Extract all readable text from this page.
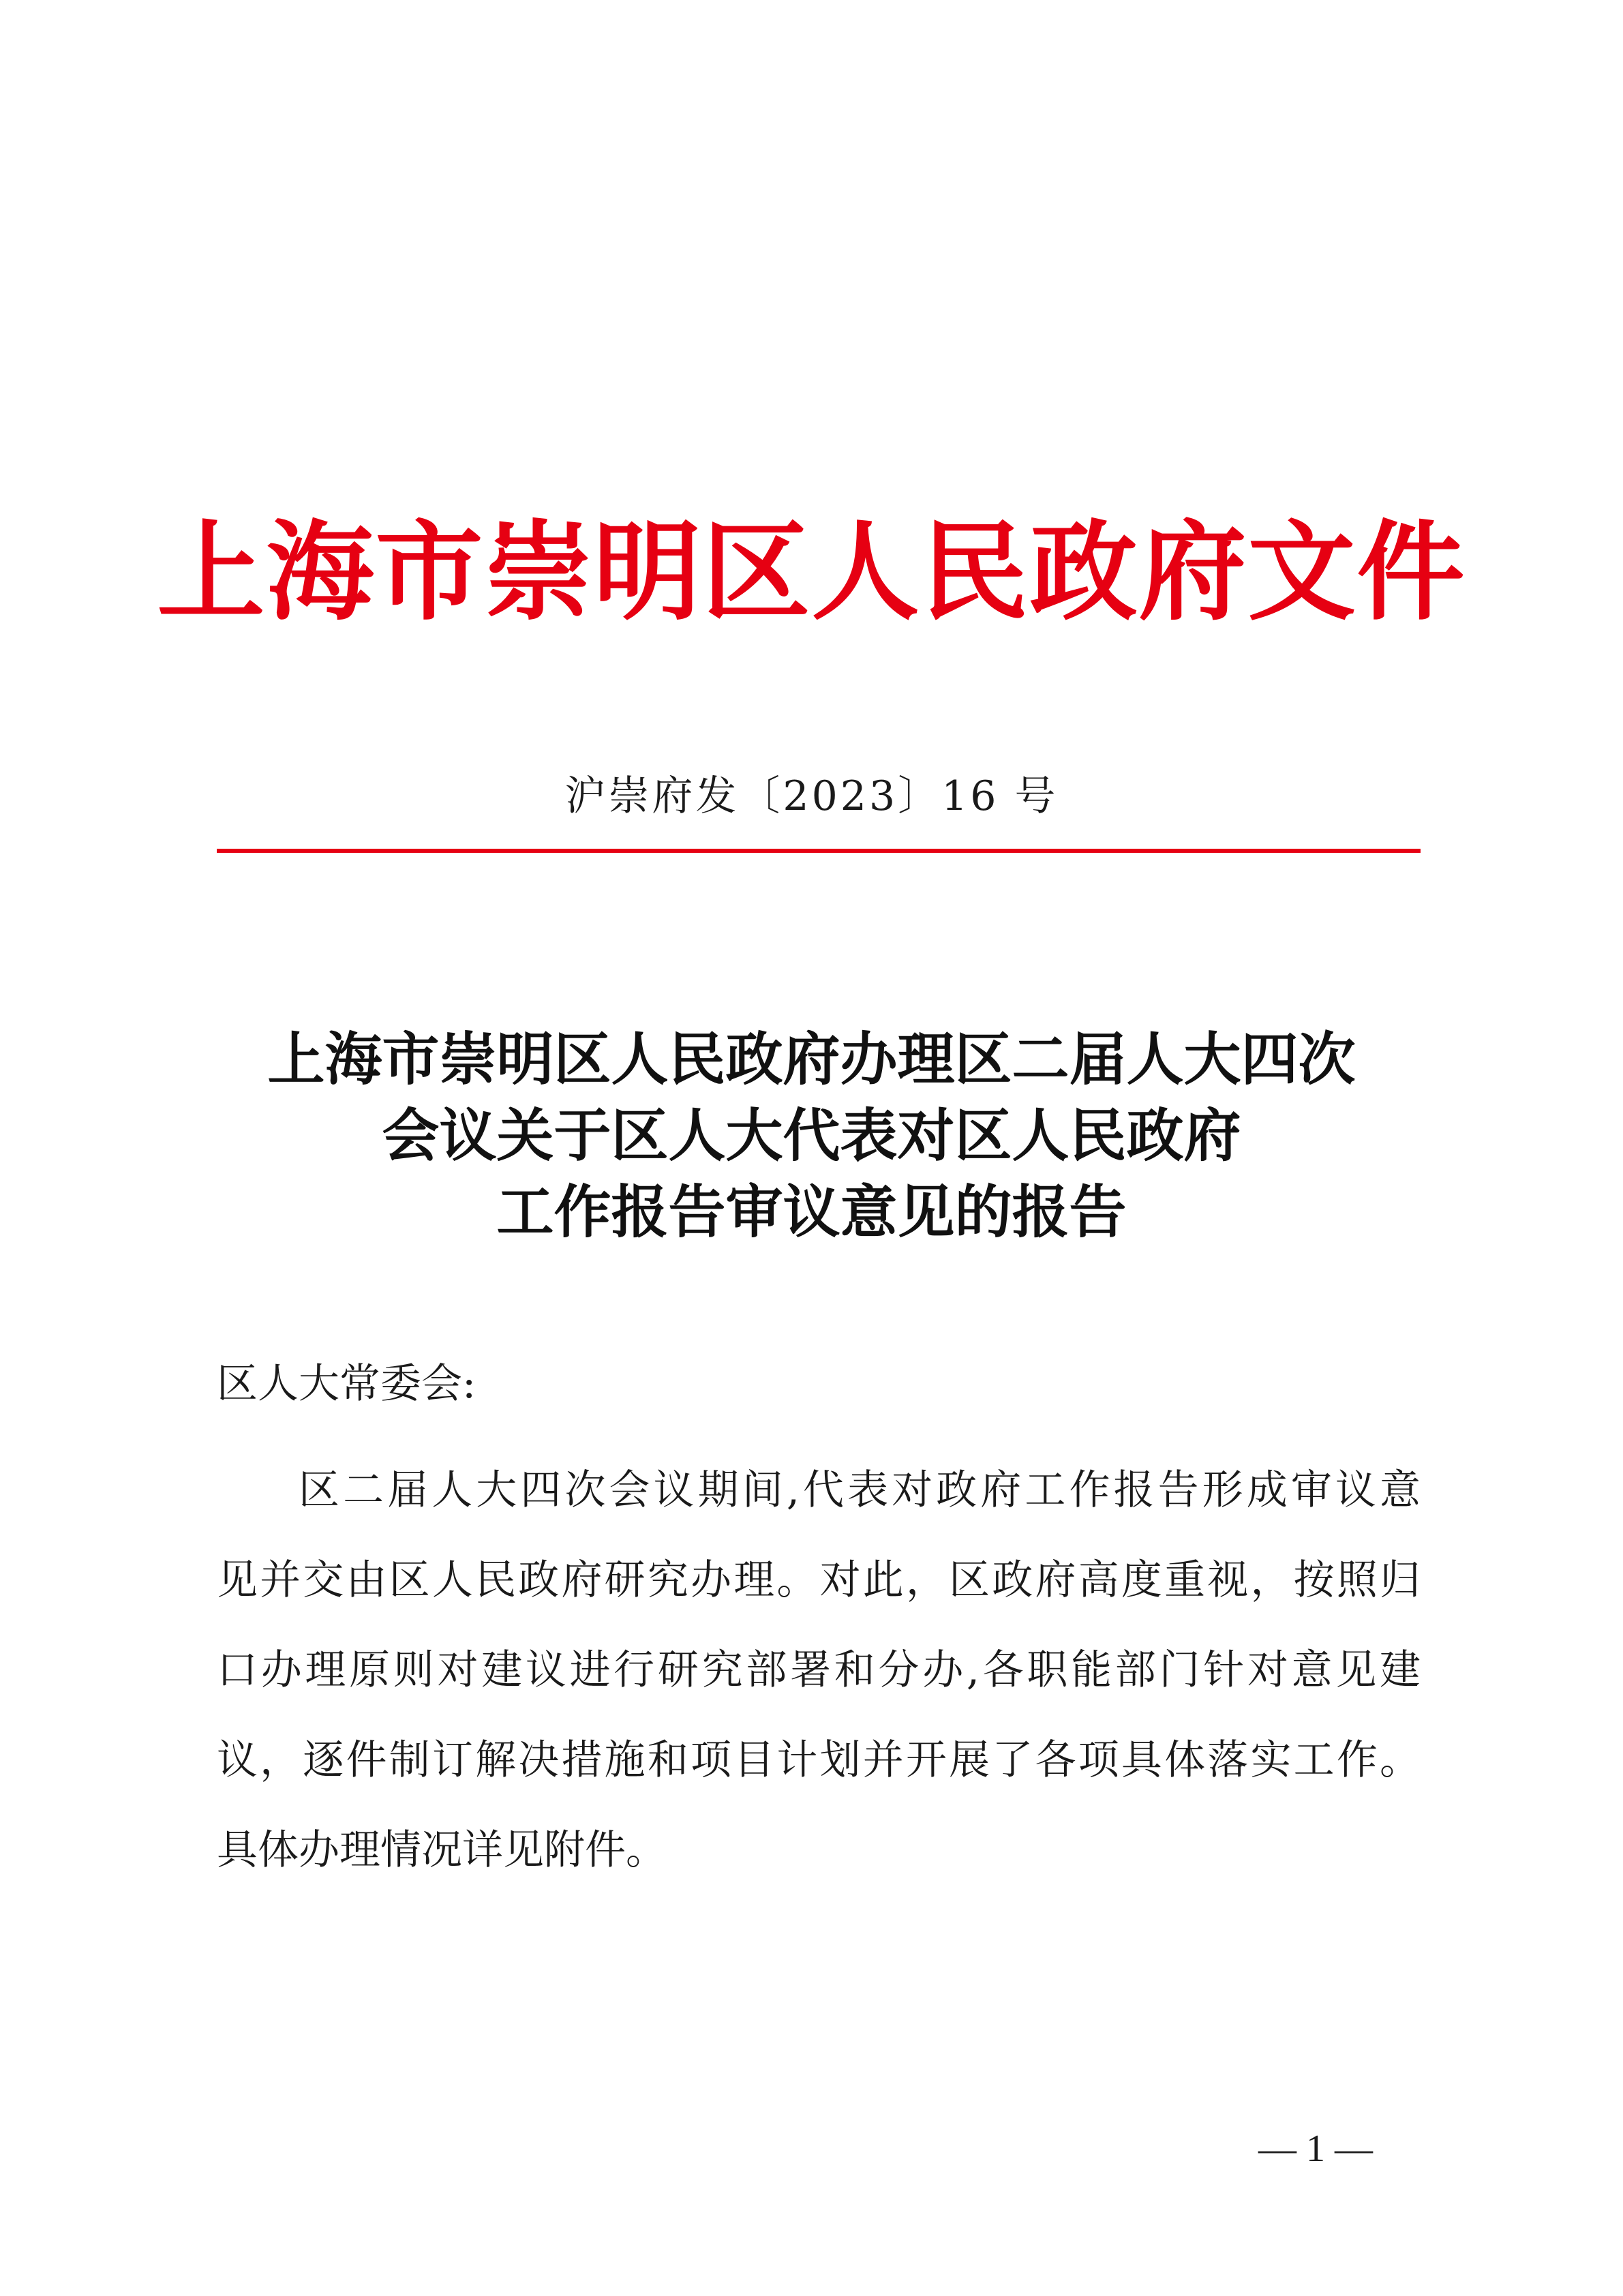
上海市崇明区人民政府文件
沪崇府发〔2023〕16 号
上海市崇明区人民政府办理区二届人大四次
会议关于区人大代表对区人民政府
工作报告审议意见的报告
区人大常委会:
区二届人大四次会议期间,代表对政府工作报告形成审议意
见并交由区人民政府研究办理。对此，区政府高度重视，按照归
口办理原则对建议进行研究部署和分办,各职能部门针对意见建
议，逐件制订解决措施和项目计划并开展了各项具体落实工作。
具体办理情况详见附件。
— 1 —
